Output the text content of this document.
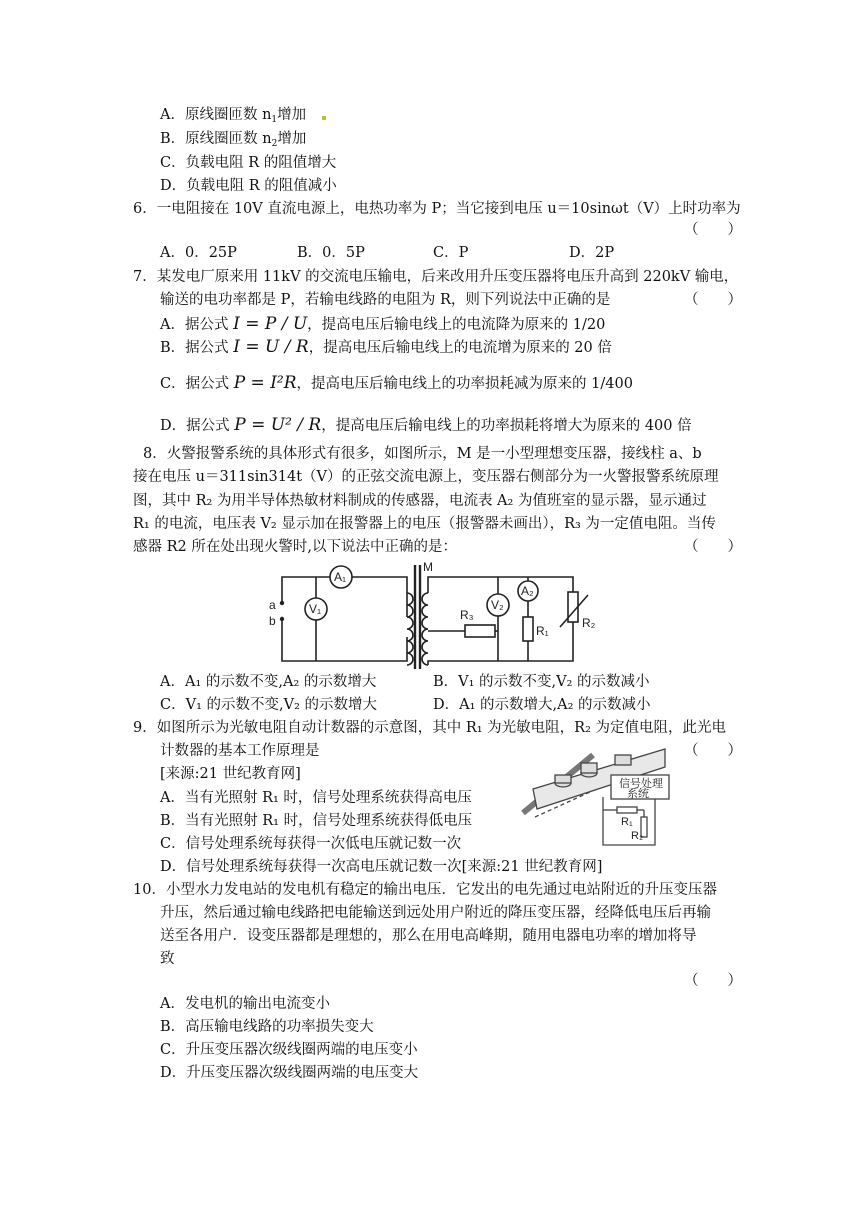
A．原线圈匝数 $n_1$增加
B．原线圈匝数 $n_2$增加
C．负载电阻 R 的阻值增大
D．负载电阻 R 的阻值减小
6．一电阻接在 10V 直流电源上，电热功率为 P；当它接到电压 u＝10sinωt（V）上时功率为
（　　）
A．0．25P	B．0．5P	C．P	D．2P
7．某发电厂原来用 11kV 的交流电压输电，后来改用升压变压器将电压升高到 220kV 输电，
输送的电功率都是 P，若输电线路的电阻为 R，则下列说法中正确的是	（　　）
A．据公式 I = P / U，提高电压后输电线上的电流降为原来的 1/20
B．据公式 I = U / R，提高电压后输电线上的电流增为原来的 20 倍
C．据公式 P = I²R，提高电压后输电线上的功率损耗减为原来的 1/400
D．据公式 P = U² / R，提高电压后输电线上的功率损耗将增大为原来的 400 倍
8．火警报警系统的具体形式有很多，如图所示，M 是一小型理想变压器，接线柱 a、b
接在电压 u＝311sin314t（V）的正弦交流电源上，变压器右侧部分为一火警报警系统原理
图，其中 R₂ 为用半导体热敏材料制成的传感器，电流表 A₂ 为值班室的显示器，显示通过
R₁ 的电流，电压表 V₂ 显示加在报警器上的电压（报警器未画出），R₃ 为一定值电阻。当传
感器 R2 所在处出现火警时,以下说法中正确的是：	（　　）
M
a
b
A₁
V₁	V₂
A₂
R₁
R₂
R₃
A．A₁ 的示数不变,A₂ 的示数增大	B．V₁ 的示数不变,V₂ 的示数减小
C．V₁ 的示数不变,V₂ 的示数增大	D．A₁ 的示数增大,A₂ 的示数减小
9．如图所示为光敏电阻自动计数器的示意图，其中 R₁ 为光敏电阻，R₂ 为定值电阻，此光电
计数器的基本工作原理是	（　　）
[来源:21 世纪教育网]
A．当有光照射 R₁ 时，信号处理系统获得高电压
B．当有光照射 R₁ 时，信号处理系统获得低电压
C．信号处理系统每获得一次低电压就记数一次
D．信号处理系统每获得一次高电压就记数一次[来源:21 世纪教育网]
信号处理
系统
R₁
R₂
10．小型水力发电站的发电机有稳定的输出电压．它发出的电先通过电站附近的升压变压器
升压，然后通过输电线路把电能输送到远处用户附近的降压变压器，经降低电压后再输
送至各用户．设变压器都是理想的，那么在用电高峰期，随用电器电功率的增加将导
致
（　　）
A．发电机的输出电流变小
B．高压输电线路的功率损失变大
C．升压变压器次级线圈两端的电压变小
D．升压变压器次级线圈两端的电压变大
